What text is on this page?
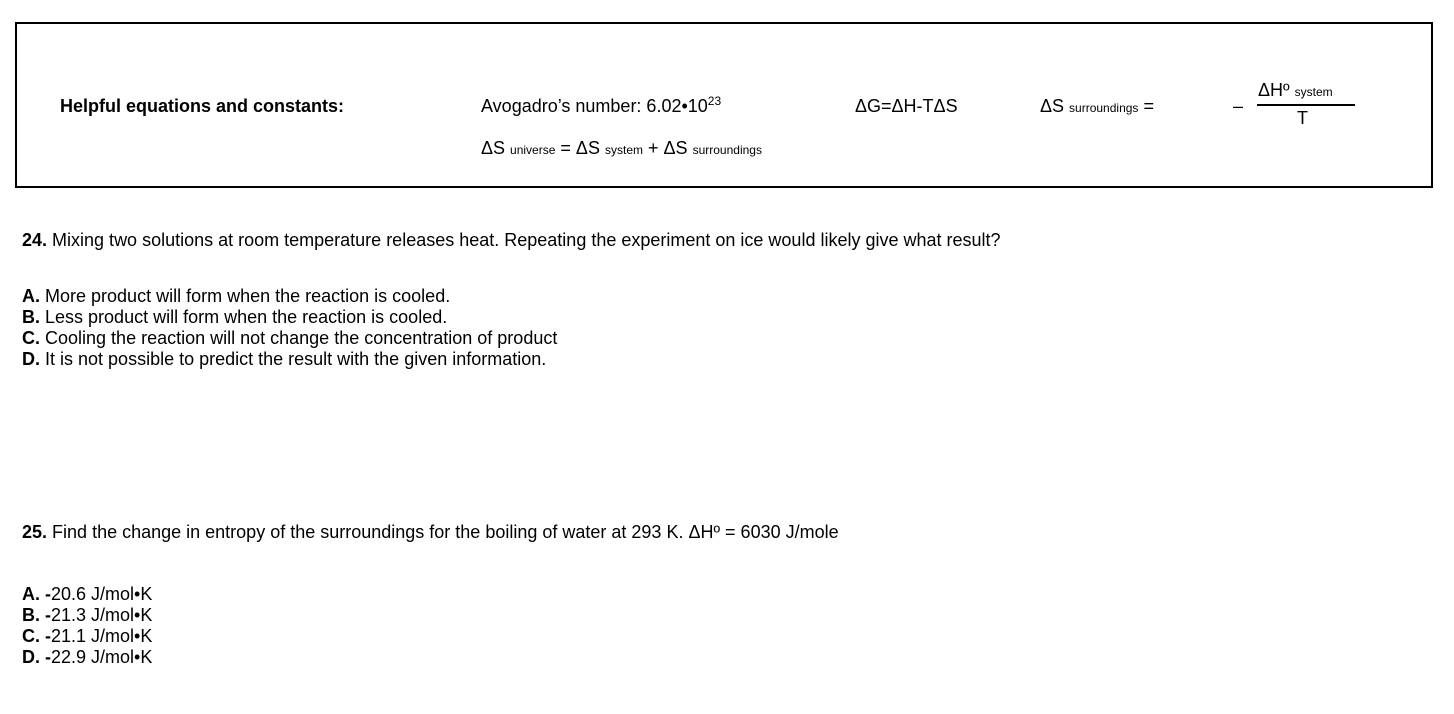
Helpful equations and constants:	Avogadro’s number: $6.02•10^{23}$	ΔG=ΔH-TΔS	ΔS surroundings =	–
ΔHº system
T
ΔS universe = ΔS system + ΔS surroundings
24. Mixing two solutions at room temperature releases heat. Repeating the experiment on ice would likely give what result?
A. More product will form when the reaction is cooled.
B. Less product will form when the reaction is cooled.
C. Cooling the reaction will not change the concentration of product
D. It is not possible to predict the result with the given information.
25. Find the change in entropy of the surroundings for the boiling of water at 293 K. ΔHº = 6030 J/mole
A. -20.6 J/mol•K
B. -21.3 J/mol•K
C. -21.1 J/mol•K
D. -22.9 J/mol•K
